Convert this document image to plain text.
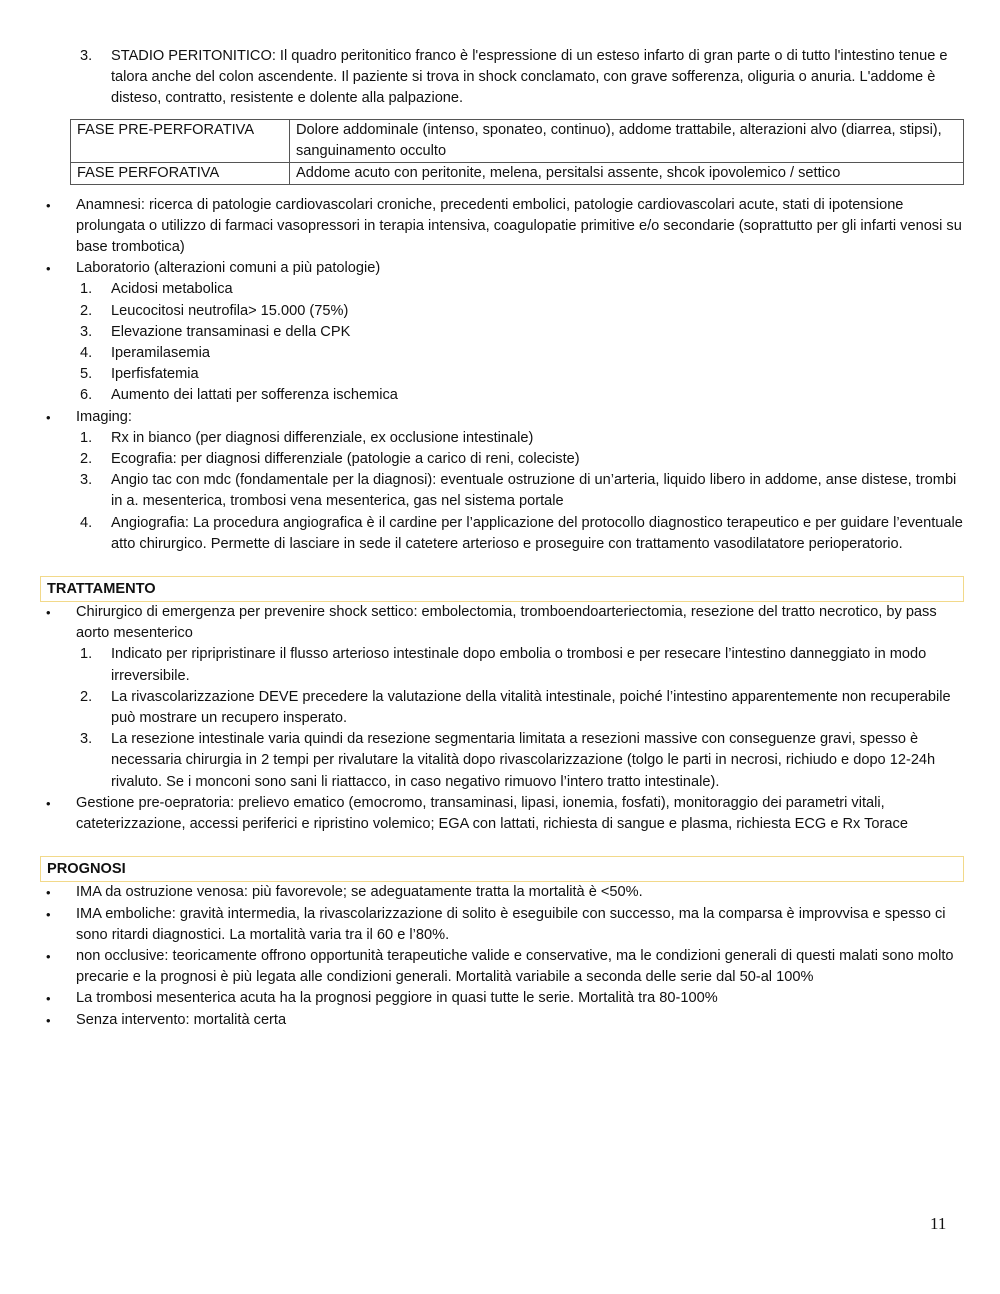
3. STADIO PERITONITICO: Il quadro peritonitico franco è l'espressione di un esteso infarto di gran parte o di tutto l'intestino tenue e talora anche del colon ascendente. Il paziente si trova in shock conclamato, con grave sofferenza, oliguria o anuria. L'addome è disteso, contratto, resistente e dolente alla palpazione.
FASE PRE-PERFORATIVA	Dolore addominale (intenso, sponateo, continuo), addome trattabile, alterazioni alvo (diarrea, stipsi), sanguinamento occulto
FASE PERFORATIVA	Addome acuto con peritonite, melena, persitalsi assente, shcok ipovolemico / settico
• Anamnesi: ricerca di patologie cardiovascolari croniche, precedenti embolici, patologie cardiovascolari acute, stati di ipotensione prolungata o utilizzo di farmaci vasopressori in terapia intensiva, coagulopatie primitive e/o secondarie (soprattutto per gli infarti venosi su base trombotica)
• Laboratorio (alterazioni comuni a più patologie)
1. Acidosi metabolica
2. Leucocitosi neutrofila> 15.000 (75%)
3. Elevazione transaminasi e della CPK
4. Iperamilasemia
5. Iperfisfatemia
6. Aumento dei lattati per sofferenza ischemica
• Imaging:
1. Rx in bianco (per diagnosi differenziale, ex occlusione intestinale)
2. Ecografia: per diagnosi differenziale (patologie a carico di reni, coleciste)
3. Angio tac con mdc (fondamentale per la diagnosi): eventuale ostruzione di un’arteria, liquido libero in addome, anse distese, trombi in a. mesenterica, trombosi vena mesenterica, gas nel sistema portale
4. Angiografia: La procedura angiografica è il cardine per l’applicazione del protocollo diagnostico terapeutico e per guidare l’eventuale atto chirurgico. Permette di lasciare in sede il catetere arterioso e proseguire con trattamento vasodilatatore perioperatorio.
TRATTAMENTO
• Chirurgico di emergenza per prevenire shock settico: embolectomia, tromboendoarteriectomia, resezione del tratto necrotico, by pass aorto mesenterico
1. Indicato per ripripristinare il flusso arterioso intestinale dopo embolia o trombosi e per resecare l’intestino danneggiato in modo irreversibile.
2. La rivascolarizzazione DEVE precedere la valutazione della vitalità intestinale, poiché l’intestino apparentemente non recuperabile può mostrare un recupero insperato.
3. La resezione intestinale varia quindi da resezione segmentaria limitata a resezioni massive con conseguenze gravi, spesso è necessaria chirurgia in 2 tempi per rivalutare la vitalità dopo rivascolarizzazione (tolgo le parti in necrosi, richiudo e dopo 12-24h rivaluto. Se i monconi sono sani li riattacco, in caso negativo rimuovo l’intero tratto intestinale).
• Gestione pre-oepratoria: prelievo ematico (emocromo, transaminasi, lipasi, ionemia, fosfati), monitoraggio dei parametri vitali, cateterizzazione, accessi periferici e ripristino volemico; EGA con lattati, richiesta di sangue e plasma, richiesta ECG e Rx Torace
PROGNOSI
• IMA da ostruzione venosa: più favorevole; se adeguatamente tratta la mortalità è <50%.
• IMA emboliche: gravità intermedia, la rivascolarizzazione di solito è eseguibile con successo, ma la comparsa è improvvisa e spesso ci sono ritardi diagnostici. La mortalità varia tra il 60 e l’80%.
• non occlusive: teoricamente offrono opportunità terapeutiche valide e conservative, ma le condizioni generali di questi malati sono molto precarie e la prognosi è più legata alle condizioni generali. Mortalità variabile a seconda delle serie dal 50-al 100%
• La trombosi mesenterica acuta ha la prognosi peggiore in quasi tutte le serie. Mortalità tra 80-100%
• Senza intervento: mortalità certa
11
